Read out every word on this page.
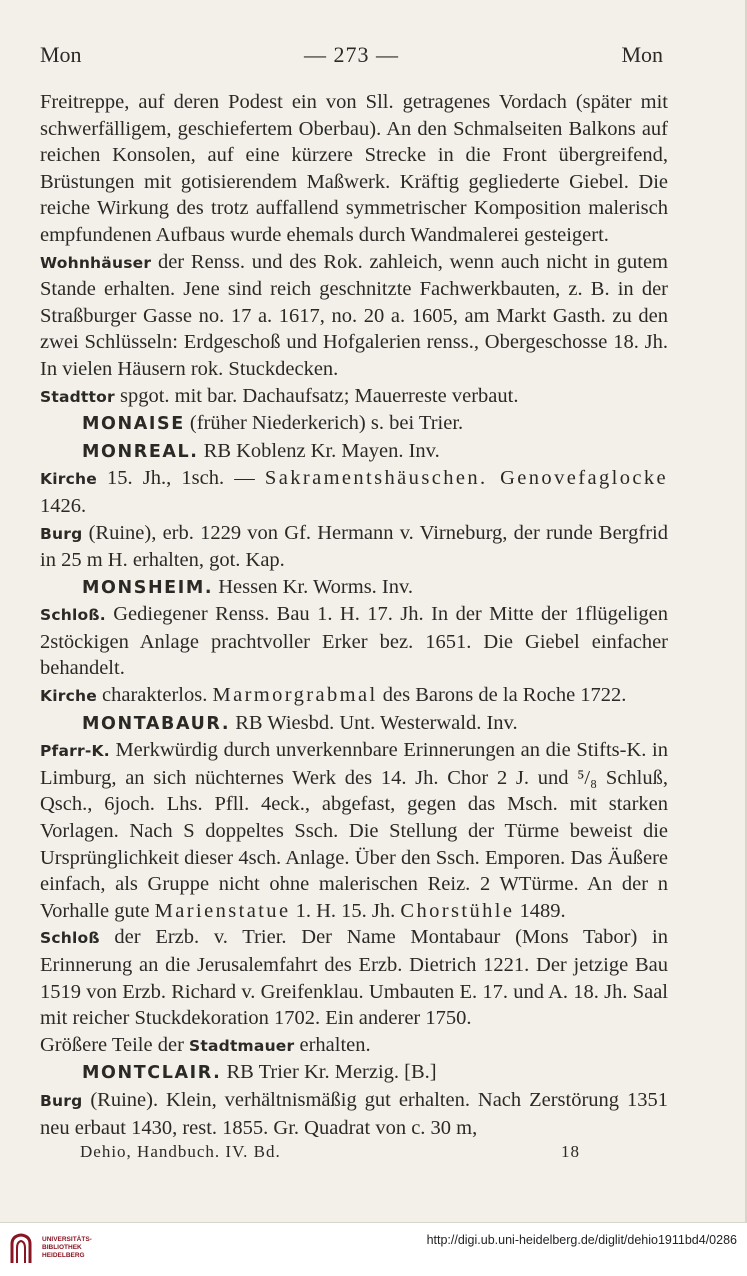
Mon	— 273 —	Mon

Freitreppe, auf deren Podest ein von Sll. getragenes Vordach (später mit schwerfälligem, geschiefertem Oberbau). An den Schmalseiten Balkons auf reichen Konsolen, auf eine kürzere Strecke in die Front übergreifend, Brüstungen mit gotisierendem Maßwerk. Kräftig gegliederte Giebel. Die reiche Wirkung des trotz auffallend symmetrischer Komposition malerisch empfundenen Aufbaus wurde ehemals durch Wandmalerei gesteigert.

Wohnhäuser der Renss. und des Rok. zahleich, wenn auch nicht in gutem Stande erhalten. Jene sind reich geschnitzte Fachwerkbauten, z. B. in der Straßburger Gasse no. 17 a. 1617, no. 20 a. 1605, am Markt Gasth. zu den zwei Schlüsseln: Erdgeschoß und Hofgalerien renss., Obergeschosse 18. Jh. In vielen Häusern rok. Stuckdecken.

Stadttor spgot. mit bar. Dachaufsatz; Mauerreste verbaut.

MONAISE (früher Niederkerich) s. bei Trier.

MONREAL. RB Koblenz Kr. Mayen. Inv.

Kirche 15. Jh., 1sch. — Sakramentshäuschen. Genovefaglocke 1426.

Burg (Ruine), erb. 1229 von Gf. Hermann v. Virneburg, der runde Bergfrid in 25 m H. erhalten, got. Kap.

MONSHEIM. Hessen Kr. Worms. Inv.

Schloß. Gediegener Renss. Bau 1. H. 17. Jh. In der Mitte der 1flügeligen 2stöckigen Anlage prachtvoller Erker bez. 1651. Die Giebel einfacher behandelt.

Kirche charakterlos. Marmorgrabmal des Barons de la Roche 1722.

MONTABAUR. RB Wiesbd. Unt. Westerwald. Inv.

Pfarr-K. Merkwürdig durch unverkennbare Erinnerungen an die Stifts-K. in Limburg, an sich nüchternes Werk des 14. Jh. Chor 2 J. und ⁵/₈ Schluß, Qsch., 6joch. Lhs. Pfll. 4eck., abgefast, gegen das Msch. mit starken Vorlagen. Nach S doppeltes Ssch. Die Stellung der Türme beweist die Ursprünglichkeit dieser 4sch. Anlage. Über den Ssch. Emporen. Das Äußere einfach, als Gruppe nicht ohne malerischen Reiz. 2 WTürme. An der n Vorhalle gute Marienstatue 1. H. 15. Jh. Chorstühle 1489.

Schloß der Erzb. v. Trier. Der Name Montabaur (Mons Tabor) in Erinnerung an die Jerusalemfahrt des Erzb. Dietrich 1221. Der jetzige Bau 1519 von Erzb. Richard v. Greifenklau. Umbauten E. 17. und A. 18. Jh. Saal mit reicher Stuckdekoration 1702. Ein anderer 1750.

Größere Teile der Stadtmauer erhalten.

MONTCLAIR. RB Trier Kr. Merzig. [B.]

Burg (Ruine). Klein, verhältnismäßig gut erhalten. Nach Zerstörung 1351 neu erbaut 1430, rest. 1855. Gr. Quadrat von c. 30 m,

Dehio, Handbuch. IV. Bd.	18
UNIVERSITÄTS-
BIBLIOTHEK
HEIDELBERG
http://digi.ub.uni-heidelberg.de/diglit/dehio1911bd4/0286
